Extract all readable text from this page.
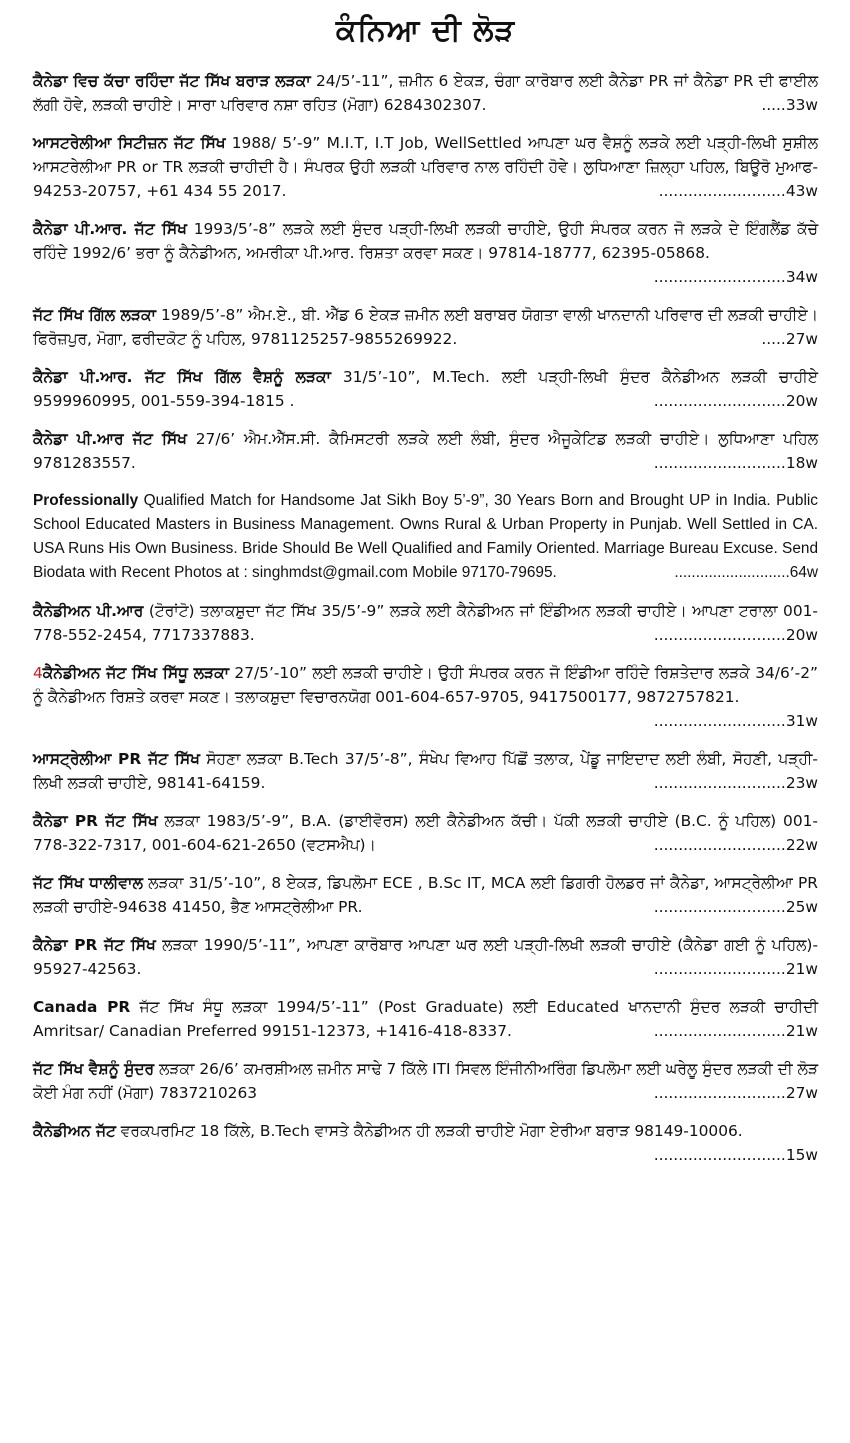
ਕੰਨਿਆ ਦੀ ਲੋੜ
ਕੈਨੇਡਾ ਵਿਚ ਕੱਚਾ ਰਹਿੰਦਾ ਜੱਟ ਸਿੱਖ ਬਰਾੜ ਲੜਕਾ 24/5’-11”, ਜ਼ਮੀਨ 6 ਏਕੜ, ਚੰਗਾ ਕਾਰੋਬਾਰ ਲਈ ਕੈਨੇਡਾ PR ਜਾਂ ਕੈਨੇਡਾ PR ਦੀ ਫਾਈਲ ਲੱਗੀ ਹੋਵੇ, ਲੜਕੀ ਚਾਹੀਏ। ਸਾਰਾ ਪਰਿਵਾਰ ਨਸ਼ਾ ਰਹਿਤ (ਮੋਗਾ) 6284302307.	.....33w
ਆਸਟਰੇਲੀਆ ਸਿਟੀਜ਼ਨ ਜੱਟ ਸਿੱਖ 1988/ 5’-9” M.I.T, I.T Job, WellSettled ਆਪਣਾ ਘਰ ਵੈਸ਼ਨੂੰ ਲੜਕੇ ਲਈ ਪੜ੍ਹੀ-ਲਿਖੀ ਸੁਸ਼ੀਲ ਆਸਟਰੇਲੀਆ PR or TR ਲੜਕੀ ਚਾਹੀਦੀ ਹੈ। ਸੰਪਰਕ ਉਹੀ ਲੜਕੀ ਪਰਿਵਾਰ ਨਾਲ ਰਹਿੰਦੀ ਹੋਵੇ। ਲੁਧਿਆਣਾ ਜ਼ਿਲ੍ਹਾ ਪਹਿਲ, ਬਿਊਰੋ ਮੁਆਫ- 94253-20757, +61 434 55 2017.	..........................43w
ਕੈਨੇਡਾ ਪੀ.ਆਰ. ਜੱਟ ਸਿੱਖ 1993/5’-8” ਲੜਕੇ ਲਈ ਸੁੰਦਰ ਪੜ੍ਹੀ-ਲਿਖੀ ਲੜਕੀ ਚਾਹੀਏ, ਉਹੀ ਸੰਪਰਕ ਕਰਨ ਜੋ ਲੜਕੇ ਦੇ ਇੰਗਲੈਂਡ ਕੱਚੇ ਰਹਿੰਦੇ 1992/6’ ਭਰਾ ਨੂੰ ਕੈਨੇਡੀਅਨ, ਅਮਰੀਕਾ ਪੀ.ਆਰ. ਰਿਸ਼ਤਾ ਕਰਵਾ ਸਕਣ। 97814-18777, 62395-05868.
...........................34w
ਜੱਟ ਸਿੱਖ ਗਿੱਲ ਲੜਕਾ 1989/5’-8” ਐਮ.ਏ., ਬੀ. ਐੱਡ 6 ਏਕੜ ਜ਼ਮੀਨ ਲਈ ਬਰਾਬਰ ਯੋਗਤਾ ਵਾਲੀ ਖਾਨਦਾਨੀ ਪਰਿਵਾਰ ਦੀ ਲੜਕੀ ਚਾਹੀਏ। ਫਿਰੋਜ਼ਪੁਰ, ਮੋਗਾ, ਫਰੀਦਕੋਟ ਨੂੰ ਪਹਿਲ, 9781125257-9855269922.	.....27w
ਕੈਨੇਡਾ ਪੀ.ਆਰ. ਜੱਟ ਸਿੱਖ ਗਿੱਲ ਵੈਸ਼ਨੂੰ ਲੜਕਾ 31/5’-10”, M.Tech. ਲਈ ਪੜ੍ਹੀ-ਲਿਖੀ ਸੁੰਦਰ ਕੈਨੇਡੀਅਨ ਲੜਕੀ ਚਾਹੀਏ 9599960995, 001-559-394-1815 .	...........................20w
ਕੈਨੇਡਾ ਪੀ.ਆਰ ਜੱਟ ਸਿੱਖ 27/6’ ਐਮ.ਐੱਸ.ਸੀ. ਕੈਮਿਸਟਰੀ ਲੜਕੇ ਲਈ ਲੰਬੀ, ਸੁੰਦਰ ਐਜੂਕੇਟਿਡ ਲੜਕੀ ਚਾਹੀਏ। ਲੁਧਿਆਣਾ ਪਹਿਲ 9781283557.	...........................18w
Professionally Qualified Match for Handsome Jat Sikh Boy 5’-9”, 30 Years Born and Brought UP in India. Public School Educated Masters in Business Management. Owns Rural & Urban Property in Punjab. Well Settled in CA. USA Runs His Own Business. Bride Should Be Well Qualified and Family Oriented. Marriage Bureau Excuse. Send Biodata with Recent Photos at : singhmdst@gmail.com Mobile 97170-79695.	...........................64w
ਕੈਨੇਡੀਅਨ ਪੀ.ਆਰ (ਟੋਰਾਂਟੋ) ਤਲਾਕਸ਼ੁਦਾ ਜੱਟ ਸਿੱਖ 35/5’-9” ਲੜਕੇ ਲਈ ਕੈਨੇਡੀਅਨ ਜਾਂ ਇੰਡੀਅਨ ਲੜਕੀ ਚਾਹੀਏ। ਆਪਣਾ ਟਰਾਲਾ 001-778-552-2454, 7717337883.	...........................20w
4ਕੈਨੇਡੀਅਨ ਜੱਟ ਸਿੱਖ ਸਿੱਧੂ ਲੜਕਾ 27/5’-10” ਲਈ ਲੜਕੀ ਚਾਹੀਏ। ਉਹੀ ਸੰਪਰਕ ਕਰਨ ਜੋ ਇੰਡੀਆ ਰਹਿੰਦੇ ਰਿਸ਼ਤੇਦਾਰ ਲੜਕੇ 34/6’-2” ਨੂੰ ਕੈਨੇਡੀਅਨ ਰਿਸ਼ਤੇ ਕਰਵਾ ਸਕਣ। ਤਲਾਕਸ਼ੁਦਾ ਵਿਚਾਰਨਯੋਗ 001-604-657-9705, 9417500177, 9872757821.
...........................31w
ਆਸਟ੍ਰੇਲੀਆ PR ਜੱਟ ਸਿੱਖ ਸੋਹਣਾ ਲੜਕਾ B.Tech 37/5’-8”, ਸੰਖੇਪ ਵਿਆਹ ਪਿੱਛੋਂ ਤਲਾਕ, ਪੇਂਡੂ ਜਾਇਦਾਦ ਲਈ ਲੰਬੀ, ਸੋਹਣੀ, ਪੜ੍ਹੀ-ਲਿਖੀ ਲੜਕੀ ਚਾਹੀਏ, 98141-64159.	...........................23w
ਕੈਨੇਡਾ PR ਜੱਟ ਸਿੱਖ ਲੜਕਾ 1983/5’-9”, B.A. (ਡਾਈਵੋਰਸ) ਲਈ ਕੈਨੇਡੀਅਨ ਕੱਚੀ। ਪੱਕੀ ਲੜਕੀ ਚਾਹੀਏ (B.C. ਨੂੰ ਪਹਿਲ) 001-778-322-7317, 001-604-621-2650 (ਵਟਸਐਪ)।	...........................22w
ਜੱਟ ਸਿੱਖ ਧਾਲੀਵਾਲ ਲੜਕਾ 31/5’-10”, 8 ਏਕੜ, ਡਿਪਲੋਮਾ ECE , B.Sc IT, MCA ਲਈ ਡਿਗਰੀ ਹੋਲਡਰ ਜਾਂ ਕੈਨੇਡਾ, ਆਸਟ੍ਰੇਲੀਆ PR ਲੜਕੀ ਚਾਹੀਏ-94638 41450, ਭੈਣ ਆਸਟ੍ਰੇਲੀਆ PR.	...........................25w
ਕੈਨੇਡਾ PR ਜੱਟ ਸਿੱਖ ਲੜਕਾ 1990/5’-11”, ਆਪਣਾ ਕਾਰੋਬਾਰ ਆਪਣਾ ਘਰ ਲਈ ਪੜ੍ਹੀ-ਲਿਖੀ ਲੜਕੀ ਚਾਹੀਏ (ਕੈਨੇਡਾ ਗਈ ਨੂੰ ਪਹਿਲ)- 95927-42563.	...........................21w
Canada PR ਜੱਟ ਸਿੱਖ ਸੰਧੂ ਲੜਕਾ 1994/5’-11” (Post Graduate) ਲਈ Educated ਖਾਨਦਾਨੀ ਸੁੰਦਰ ਲੜਕੀ ਚਾਹੀਦੀ Amritsar/ Canadian Preferred 99151-12373, +1416-418-8337.	...........................21w
ਜੱਟ ਸਿੱਖ ਵੈਸ਼ਨੂੰ ਸੁੰਦਰ ਲੜਕਾ 26/6’ ਕਮਰਸ਼ੀਅਲ ਜ਼ਮੀਨ ਸਾਢੇ 7 ਕਿੱਲੇ ITI ਸਿਵਲ ਇੰਜੀਨੀਅਰਿੰਗ ਡਿਪਲੋਮਾ ਲਈ ਘਰੇਲੂ ਸੁੰਦਰ ਲੜਕੀ ਦੀ ਲੋੜ ਕੋਈ ਮੰਗ ਨਹੀਂ (ਮੋਗਾ) 7837210263	...........................27w
ਕੈਨੇਡੀਅਨ ਜੱਟ ਵਰਕਪਰਮਿਟ 18 ਕਿੱਲੇ, B.Tech ਵਾਸਤੇ ਕੈਨੇਡੀਅਨ ਹੀ ਲੜਕੀ ਚਾਹੀਏ ਮੋਗਾ ਏਰੀਆ ਬਰਾੜ 98149-10006.
...........................15w
